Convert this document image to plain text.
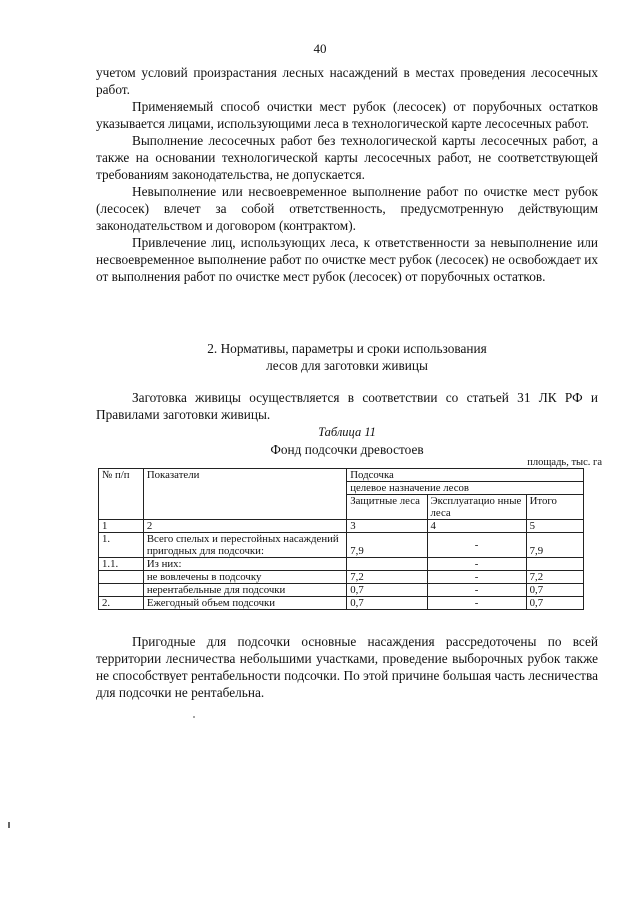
40

учетом условий произрастания лесных насаждений в местах проведения лесосечных работ.

Применяемый способ очистки мест рубок (лесосек) от порубочных остатков указывается лицами, использующими леса в технологической карте лесосечных работ.

Выполнение лесосечных работ без технологической карты лесосечных работ, а также на основании технологической карты лесосечных работ, не соответствующей требованиям законодательства, не допускается.

Невыполнение или несвоевременное выполнение работ по очистке мест рубок (лесосек) влечет за собой ответственность, предусмотренную действующим законодательством и договором (контрактом).

Привлечение лиц, использующих леса, к ответственности за невыполнение или несвоевременное выполнение работ по очистке мест рубок (лесосек) не освобождает их от выполнения работ по очистке мест рубок (лесосек) от порубочных остатков.

2. Нормативы, параметры и сроки использования
лесов для заготовки живицы

Заготовка живицы осуществляется в соответствии со статьей 31 ЛК РФ и Правилами заготовки живицы.

Таблица 11
Фонд подсочки древостоев
площадь, тыс. га
№ п/п	Показатели	Подсочка		
		целевое назначение лесов		
		Защитные леса	Эксплуатацио нные леса	Итого
1	2	3	4	5
1.	Всего спелых и перестойных насаждений пригодных для подсочки:	7,9	-	7,9
1.1.	Из них:		-	
	не вовлечены в подсочку	7,2	-	7,2
	нерентабельные для подсочки	0,7	-	0,7
2.	Ежегодный объем подсочки	0,7	-	0,7

Пригодные для подсочки основные насаждения рассредоточены по всей территории лесничества небольшими участками, проведение выборочных рубок также не способствует рентабельности подсочки. По этой причине большая часть лесничества для подсочки не рентабельна.
